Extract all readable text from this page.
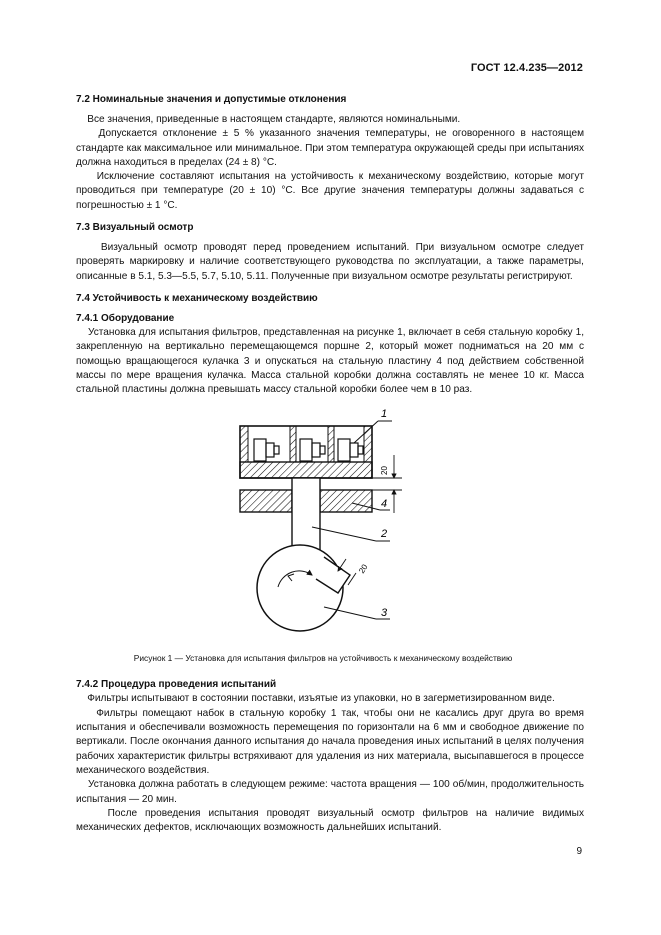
ГОСТ 12.4.235—2012
7.2 Номинальные значения и допустимые отклонения

Все значения, приведенные в настоящем стандарте, являются номинальными.

Допускается отклонение ± 5 % указанного значения температуры, не оговоренного в настоящем стандарте как максимальное или минимальное. При этом температура окружающей среды при испытаниях должна находиться в пределах (24 ± 8) °С.

Исключение составляют испытания на устойчивость к механическому воздействию, которые могут проводиться при температуре (20 ± 10) °С. Все другие значения температуры должны задаваться с погрешностью ± 1 °С.

7.3 Визуальный осмотр

Визуальный осмотр проводят перед проведением испытаний. При визуальном осмотре следует проверять маркировку и наличие соответствующего руководства по эксплуатации, а также параметры, описанные в 5.1, 5.3—5.5, 5.7, 5.10, 5.11. Полученные при визуальном осмотре результаты регистрируют.

7.4 Устойчивость к механическому воздействию
7.4.1 Оборудование

Установка для испытания фильтров, представленная на рисунке 1, включает в себя стальную коробку 1, закрепленную на вертикально перемещающемся поршне 2, который может подниматься на 20 мм с помощью вращающегося кулачка 3 и опускаться на стальную пластину 4 под действием собственной массы по мере вращения кулачка. Масса стальной коробки должна составлять не менее 10 кг. Масса стальной пластины должна превышать массу стальной коробки более чем в 10 раз.

20
20
1
4
2
3
Рисунок 1 — Установка для испытания фильтров на устойчивость к механическому воздействию
7.4.2 Процедура проведения испытаний

Фильтры испытывают в состоянии поставки, изъятые из упаковки, но в загерметизированном виде.

Фильтры помещают набок в стальную коробку 1 так, чтобы они не касались друг друга во время испытания и обеспечивали возможность перемещения по горизонтали на 6 мм и свободное движение по вертикали. После окончания данного испытания до начала проведения иных испытаний в целях получения рабочих характеристик фильтры встряхивают для удаления из них материала, высыпавшегося в процессе механического воздействия.

Установка должна работать в следующем режиме: частота вращения — 100 об/мин, продолжительность испытания — 20 мин.

После проведения испытания проводят визуальный осмотр фильтров на наличие видимых механических дефектов, исключающих возможность дальнейших испытаний.

9
